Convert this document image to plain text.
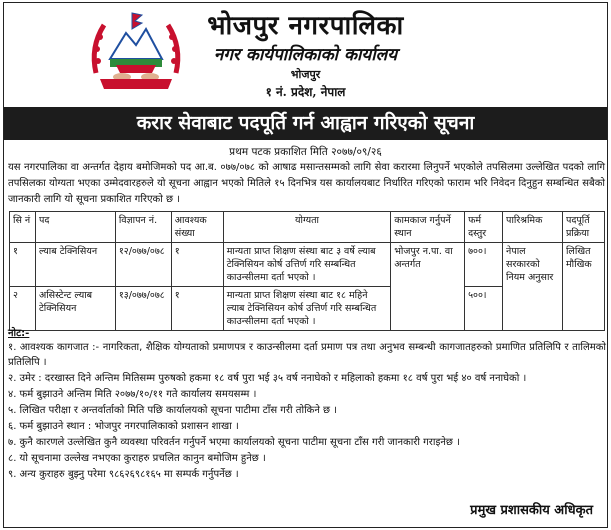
भोजपुर नगरपालिका
नगर कार्यपालिकाको कार्यालय
भोजपुर
१ नं. प्रदेश, नेपाल
करार सेवाबाट पदपूर्ति गर्न आह्वान गरिएको सूचना
प्रथम पटक प्रकाशित मिति २०७७/०९/२६
यस नगरपालिका वा अन्तर्गत देहाय बमोजिमको पद आ.ब. ०७७/०७८ को आषाढ मसान्तसम्मको लागि सेवा करारमा लिनुपर्ने भएकोले तपसिलमा उल्लेखित पदको लागि तपसिलका योग्यता भएका उम्मेदवारहरुले यो सूचना आह्वान भएको मितिले १५ दिनभित्र यस कार्यालयबाट निर्धारित गरिएको फाराम भरि निवेदन दिनुहुन सम्बन्धित सबैको जानकारी लागि यो सूचना प्रकाशित गरिएको छ ।
सि नं	पद	विज्ञापन नं.	आवश्यक संख्या	योग्यता	कामकाज गर्नुपर्ने स्थान	फर्म दस्तुर	पारिश्रमिक	पदपूर्ति प्रक्रिया
१	ल्याब टेक्निसियन	१२/०७७/०७८	१	मान्यता प्राप्त शिक्षण संस्था बाट ३ वर्षे ल्याब टेक्निसियन कोर्ष उत्तिर्ण गरि सम्बन्धित काउन्सीलमा दर्ता भएको ।	भोजपुर न.पा. वा अन्तर्गत	७००।	नेपाल सरकारको नियम अनुसार	लिखित मौखिक
२	असिस्टेन्ट ल्याब टेक्निसियन	१३/०७७/०७८	१	मान्यता प्राप्त शिक्षण संस्था बाट १८ महिने ल्याब टेक्निसियन कोर्ष उत्तिर्ण गरि सम्बन्धित काउन्सीलमा दर्ता भएको ।		५००।		
नोट:-
१. आवश्यक कागजात :- नागरिकता, शैक्षिक योग्यताको प्रमाणपत्र र काउन्सीलमा दर्ता प्रमाण पत्र तथा अनुभव सम्बन्धी कागजातहरुको प्रमाणित प्रतिलिपि र तालिमको प्रतिलिपि ।
२. उमेर : दरखास्त दिने अन्तिम मितिसम्म पुरुषको हकमा १८ वर्ष पुरा भई ३५ वर्ष ननाघेको र महिलाको हकमा १८ वर्ष पुरा भई ४० वर्ष ननाघेको ।
४. फर्म बुझाउने अन्तिम मिति २०७७/१०/११ गते कार्यालय समयसम्म ।
५. लिखित परीक्षा र अन्तर्वार्ताको मिति पछि कार्यालयको सूचना पाटीमा टाँस गरी तोकिने छ ।
६. फर्म बुझाउने स्थान : भोजपुर नगरपालिकाको प्रशासन शाखा ।
७. कुनै कारणले उल्लेखित कुनै व्यवस्था परिवर्तन गर्नुपर्ने भएमा कार्यालयको सूचना पाटीमा सूचना टाँस गरी जानकारी गराइनेछ ।
८. यो सूचनामा उल्लेख नभएका कुराहरु प्रचलित कानुन बमोजिम हुनेछ ।
९. अन्य कुराहरु बुझ्नु परेमा ९८६२६९८१६५ मा सम्पर्क गर्नुपर्नेछ ।
प्रमुख प्रशासकीय अधिकृत
